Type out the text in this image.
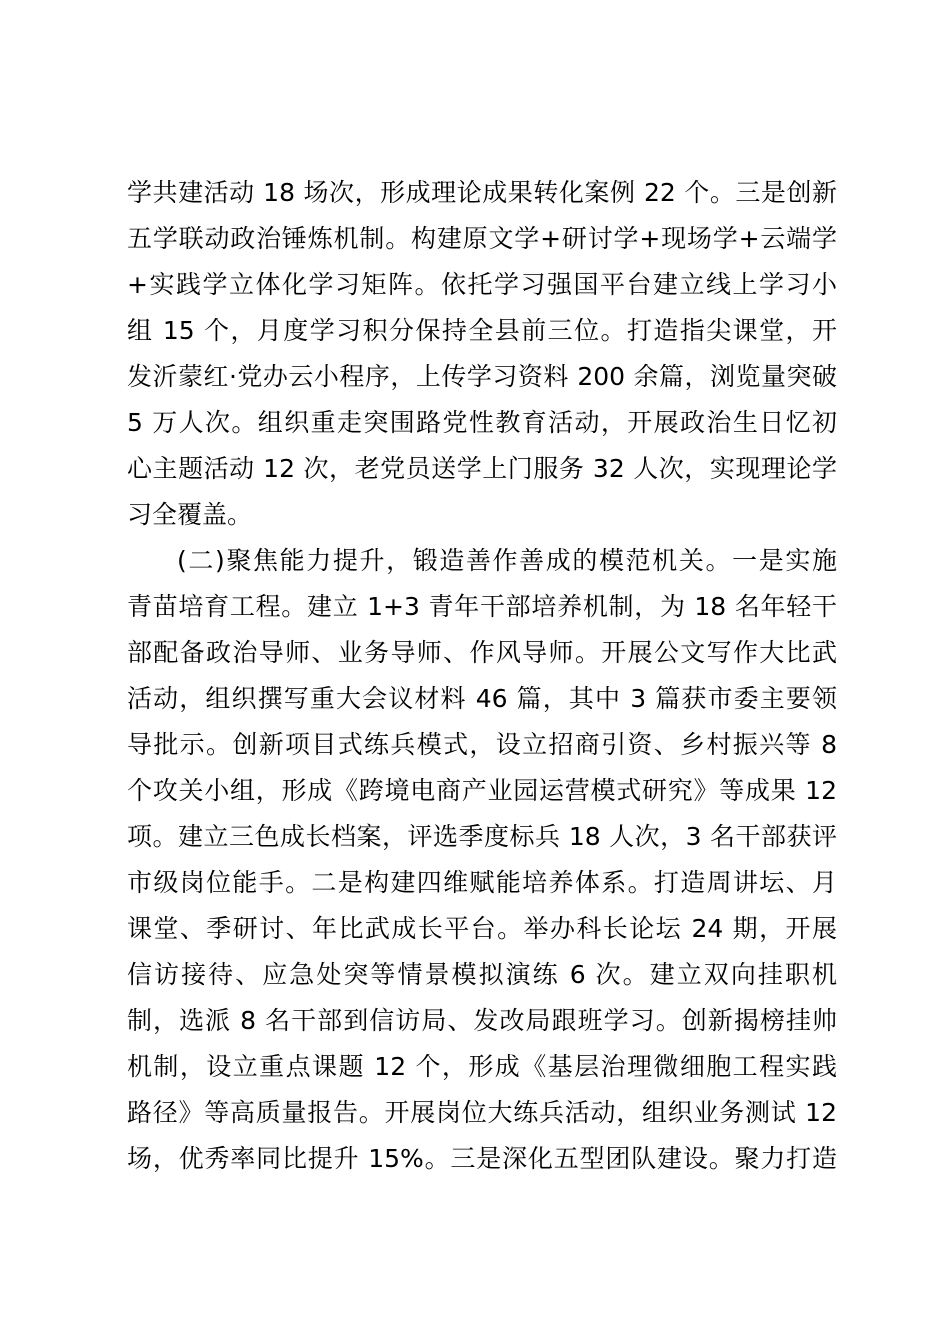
学共建活动 18 场次，形成理论成果转化案例 22 个。三是创新
五学联动政治锤炼机制。构建原文学+研讨学+现场学+云端学
+实践学立体化学习矩阵。依托学习强国平台建立线上学习小
组 15 个，月度学习积分保持全县前三位。打造指尖课堂，开
发沂蒙红·党办云小程序，上传学习资料 200 余篇，浏览量突破
5 万人次。组织重走突围路党性教育活动，开展政治生日忆初
心主题活动 12 次，老党员送学上门服务 32 人次，实现理论学
习全覆盖。
(二)聚焦能力提升，锻造善作善成的模范机关。一是实施
青苗培育工程。建立 1+3 青年干部培养机制，为 18 名年轻干
部配备政治导师、业务导师、作风导师。开展公文写作大比武
活动，组织撰写重大会议材料 46 篇，其中 3 篇获市委主要领
导批示。创新项目式练兵模式，设立招商引资、乡村振兴等 8
个攻关小组，形成《跨境电商产业园运营模式研究》等成果 12
项。建立三色成长档案，评选季度标兵 18 人次，3 名干部获评
市级岗位能手。二是构建四维赋能培养体系。打造周讲坛、月
课堂、季研讨、年比武成长平台。举办科长论坛 24 期，开展
信访接待、应急处突等情景模拟演练 6 次。建立双向挂职机
制，选派 8 名干部到信访局、发改局跟班学习。创新揭榜挂帅
机制，设立重点课题 12 个，形成《基层治理微细胞工程实践
路径》等高质量报告。开展岗位大练兵活动，组织业务测试 12
场，优秀率同比提升 15%。三是深化五型团队建设。聚力打造
